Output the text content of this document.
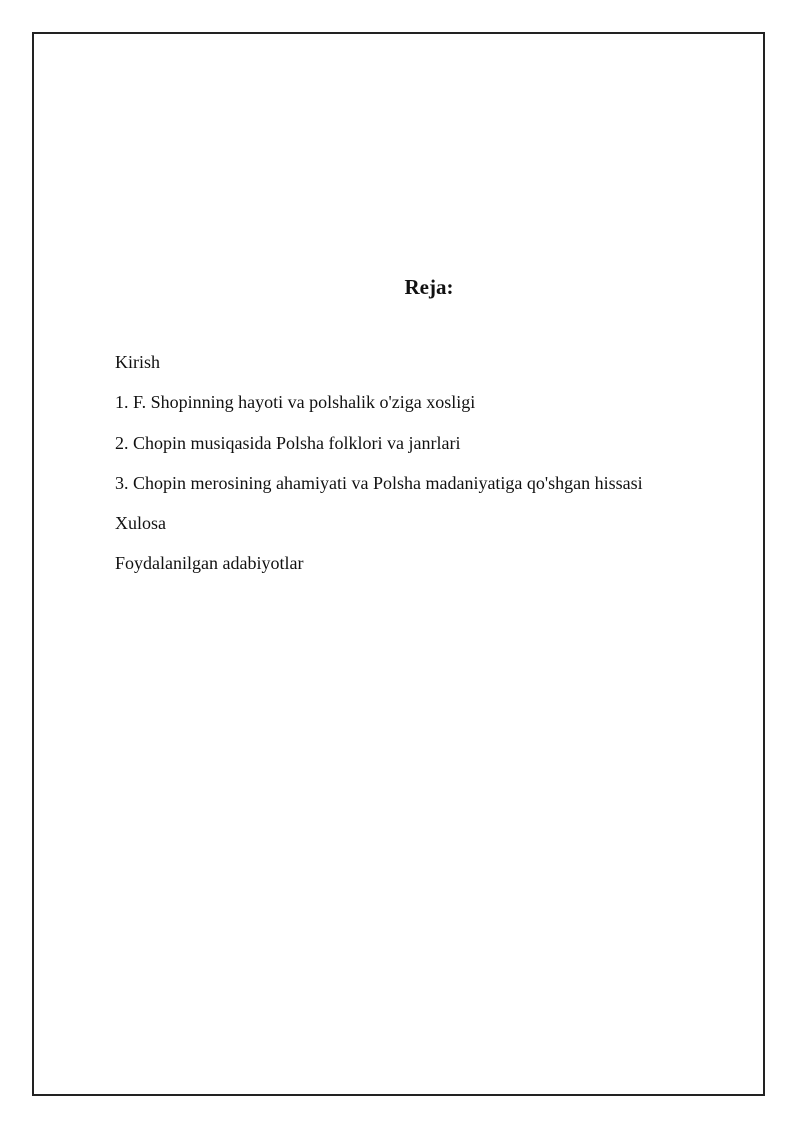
Reja:
Kirish
1. F. Shopinning hayoti va polshalik o'ziga xosligi
2. Chopin musiqasida Polsha folklori va janrlari
3. Chopin merosining ahamiyati va Polsha madaniyatiga qo'shgan hissasi
Xulosa
Foydalanilgan adabiyotlar
